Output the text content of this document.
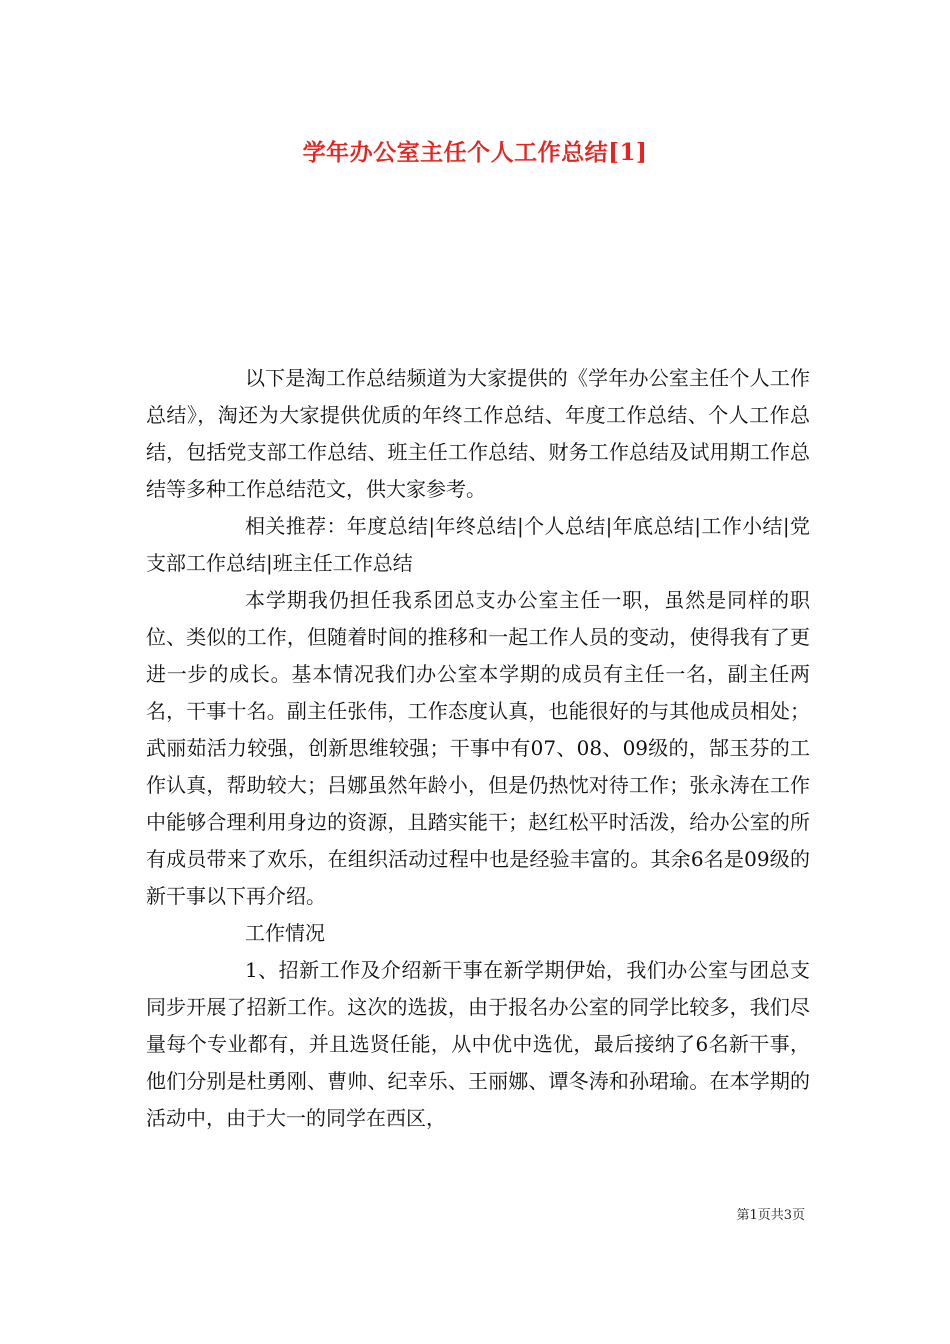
学年办公室主任个人工作总结[1]

以下是淘工作总结频道为大家提供的《学年办公室主任个人工作总结》，淘还为大家提供优质的年终工作总结、年度工作总结、个人工作总结，包括党支部工作总结、班主任工作总结、财务工作总结及试用期工作总结等多种工作总结范文，供大家参考。

相关推荐：年度总结|年终总结|个人总结|年底总结|工作小结|党支部工作总结|班主任工作总结

本学期我仍担任我系团总支办公室主任一职，虽然是同样的职位、类似的工作，但随着时间的推移和一起工作人员的变动，使得我有了更进一步的成长。基本情况我们办公室本学期的成员有主任一名，副主任两名，干事十名。副主任张伟，工作态度认真，也能很好的与其他成员相处；武丽茹活力较强，创新思维较强；干事中有07、08、09级的，郜玉芬的工作认真，帮助较大；吕娜虽然年龄小，但是仍热忱对待工作；张永涛在工作中能够合理利用身边的资源，且踏实能干；赵红松平时活泼，给办公室的所有成员带来了欢乐，在组织活动过程中也是经验丰富的。其余6名是09级的新干事以下再介绍。

工作情况

1、招新工作及介绍新干事在新学期伊始，我们办公室与团总支同步开展了招新工作。这次的选拔，由于报名办公室的同学比较多，我们尽量每个专业都有，并且选贤任能，从中优中选优，最后接纳了6名新干事，他们分别是杜勇刚、曹帅、纪幸乐、王丽娜、谭冬涛和孙珺瑜。在本学期的活动中，由于大一的同学在西区，

第1页共3页
